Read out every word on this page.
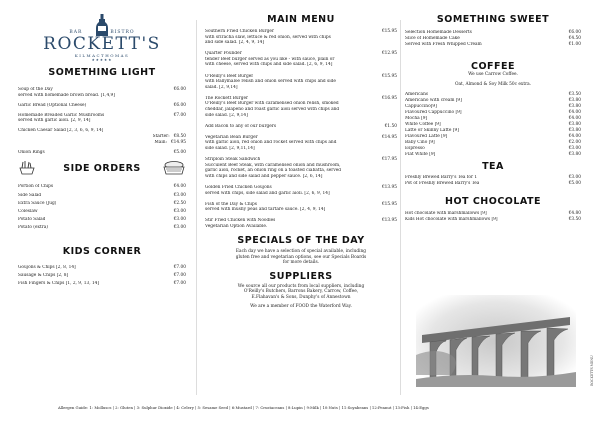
BAR	BISTRO
ROCKETT'S
KILMACTHOMAS
★★★★★
SOMETHING LIGHT
Soup of the Day	€6.00
served with homemade brown bread. [1,4,9]
Garlic Bread (Optional Cheese)	€6.00
Homemade Breaded Garlic Mushrooms	€7.00
served with garlic aioli. [2, 9, 14]
Chicken Caesar Salad [2, 3, 6, 6, 9, 14]
Starter: €8.50
Main: €14.95
Onion Rings	€5.00
SIDE ORDERS
Portion of Chips	€4.00
Side Salad	€3.00
Extra Sauce (Jug)	€2.50
Coleslaw	€3.00
Potato Salad	€3.00
Potato (extra)	€3.00
KIDS CORNER
Goujons & Chips [2, 8, 14]	€7.00
Sausage & Chips [2, 8]	€7.00
Fish Fingers & Chips [1, 2, 9, 13, 14]	€7.00
MAIN MENU
Southern Fried Chicken Burger	€15.95
with sriracha slaw, lettuce & red onion, served with chips
and side salad. [2, 4, 9, 14]
Quarter Pounder	€12.95
tender Beef burger served as you like - with sauce, plain or
with cheese, served with chips and side salad. [2, 6, 9, 14]
O'Reilly's Beef Burger	€15.95
with Ballymaloe relish and onion served with chips and side
salad. [2, 9,14]
The Rockett Burger	€16.95
O'Reilly's Beef Burger with caramelised onion relish, smoked
cheddar, jalapeno and roast garlic aioli served with chips and
side salad. [2, 9,14]
Add Bacon to any of our burgers	€1.50
Vegetarian Bean Burger	€14.95
with garlic aioli, red onion and rocket served with chips and
side salad. [2, 9,11,14]
Striploin Steak Sandwich	€17.95
Succulent Beef Steak, with caramelised onion and mushroom,
garlic aioli, rocket, an onion ring on a toasted ciabatta, served
with chips and side salad and pepper sauce. [2, 6, 14]
Golden Fried Chicken Goujons	€13.95
served with chips, side salad and garlic aioli. [2, 6, 9, 14]
Fish of the Day & Chips	€15.95
served with mushy peas and tartare sauce. [2, 4, 9, 14]
Stir Fried Chicken with Noodles	€13.95
Vegetarian Option Available.
SPECIALS OF THE DAY
Each day we have a selection of special available, including
gluten free and vegetarian options, see our Specials Boards
for more details.
SUPPLIERS
We source all our products from local suppliers, including
O'Reilly's Butchers, Barrons Bakery, Carrow, Coffee,
E.Flahavan's & Sons, Dunphy's of Annestown
We are a member of FOOD the Waterford Way.
SOMETHING SWEET
Selection Homemade Desserts	€6.00
Slice of Homemade Cake	€4.50
Served with Fresh Whipped Cream	€1.00
COFFEE
We use Carrow Coffee.
Oat, Almond & Soy Milk 50c extra.
Americano	€3.50
Americano with cream [9]	€3.80
Cappuccino[9]	€3.80
Flavoured Cappuccino [9]	€4.00
Mocha [9]	€4.00
White Coffee [9]	€3.80
Latte or Skinny Latte [9]	€3.80
Flavoured Latte [9]	€4.00
Baby Cino [9]	€2.00
Espresso	€3.00
Flat White [9]	€3.80
TEA
Freshly Brewed Barry's Tea for 1	€3.00
Pot of Freshly Brewed Barry's Tea	€5.00
HOT CHOCOLATE
Hot chocolate with marshmallows [9]	€4.80
Kids Hot chocolate with marshmallows [9]	€3.50
Allergen Guide: 1: Molluscs | 2: Gluten | 3: Sulphur Dioxide | 4: Celery | 5: Sesame Seed | 6:Mustard | 7: Crustaceans | 8:Lupin | 9:Milk | 10:Nuts | 11:Soyabeans | 12:Peanut | 13:Fish | 14:Eggs
ROCKETTS MENU
